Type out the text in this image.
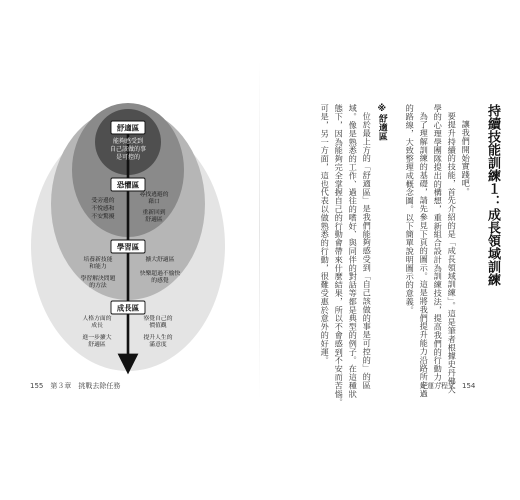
舒適區
恐懼區
學習區
成長區
能夠感受到
自己該做的事
是可控的
受旁邊的
不悅感和
不安驚擾
尋找逃避的
藉口
重新回到
舒適區
培養新技能
和能力
學習解決問題
的方法
擴大舒適區
快樂超過不愉快
的感覺
人格方面的
成長
進一步擴大
舒適區
察覺自己的
價值觀
提升人生的
滿意度
持續技能訓練１：成長領域訓練
讓我們開始實踐吧。
要提升持續的技能，首先介紹的是「成長領域訓練」。這是筆者根據史丹佛大
學的心理學團隊提出的構想，重新組合設計為訓練技法，提高我們的行動力。
為了理解訓練的基礎，請先參見下頁的圖示。這是將我們提升能力沿路所走過
的路線，大致整理成概念圖。以下簡單說明圖示的意義。
※舒適區
位於最上方的「舒適區」是我們能夠感受到「自己該做的事是可控的」的區
域。像是熟悉的工作、過往的嗜好、與同伴的對話等都是典型的例子。在這種狀
態下，因為能夠完全掌握自己的行動會帶來什麼結果，所以不會感到不安而苦惱。
可是，另一方面，這也代表以做熟悉的行動，很難受惠於意外的好運。
155　第３章　挑戰去除任務	好運方程式　154
